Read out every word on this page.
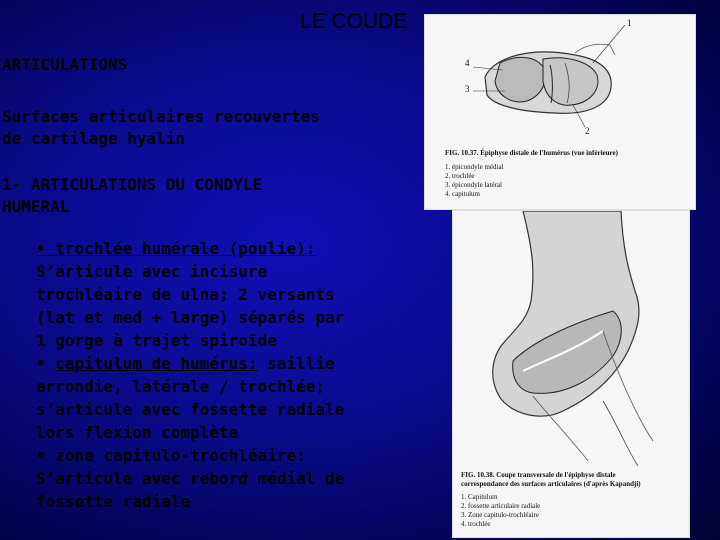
LE COUDE
ARTICULATIONS
Surfaces articulaires recouvertes
de cartilage hyalin
1- ARTICULATIONS DU CONDYLE
HUMERAL
• trochlée humérale (poulie):
S’articule avec incisure
trochléaire de ulna; 2 versants
(lat et med + large) séparés par
1 gorge à trajet spiroïde
• capitulum de humérus: saillie
arrondie, latérale / trochlée;
s’articule avec fossette radiale
lors flexion complète
• zone capitulo-trochléaire:
S’articule avec rebord médial de
fossette radiale
4
3
1
2
FIG. 10.37. Épiphyse distale de l'humérus (vue inférieure)
1. épicondyle médial
2. trochlée
3. épicondyle latéral
4. capitulum
FIG. 10.38. Coupe transversale de l'épiphyse distale
correspondance des surfaces articulaires (d'après Kapandji)
1. Capitulum
2. fossette articulaire radiale
3. Zone capitulo-trochléaire
4. trochlée
